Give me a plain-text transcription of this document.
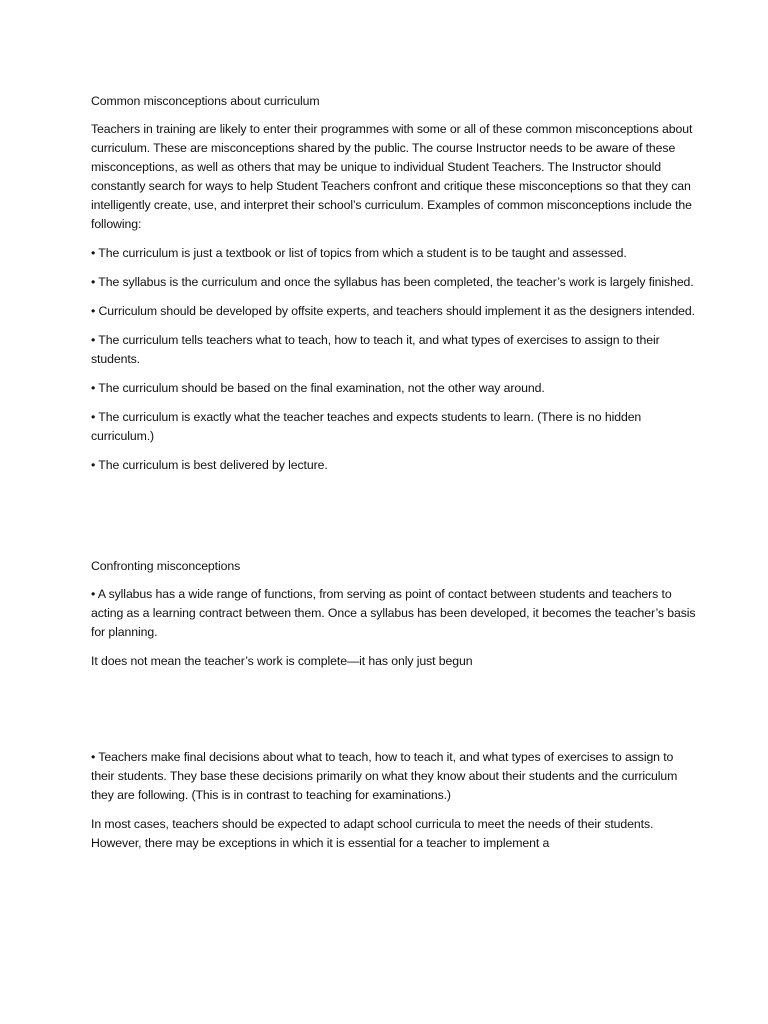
Common misconceptions about curriculum

Teachers in training are likely to enter their programmes with some or all of these common misconceptions about curriculum. These are misconceptions shared by the public. The course Instructor needs to be aware of these misconceptions, as well as others that may be unique to individual Student Teachers. The Instructor should constantly search for ways to help Student Teachers confront and critique these misconceptions so that they can intelligently create, use, and interpret their school’s curriculum. Examples of common misconceptions include the following:

• The curriculum is just a textbook or list of topics from which a student is to be taught and assessed.

• The syllabus is the curriculum and once the syllabus has been completed, the teacher’s work is largely finished.

• Curriculum should be developed by offsite experts, and teachers should implement it as the designers intended.

• The curriculum tells teachers what to teach, how to teach it, and what types of exercises to assign to their students.

• The curriculum should be based on the final examination, not the other way around.

• The curriculum is exactly what the teacher teaches and expects students to learn. (There is no hidden curriculum.)

• The curriculum is best delivered by lecture.

Confronting misconceptions

• A syllabus has a wide range of functions, from serving as point of contact between students and teachers to acting as a learning contract between them. Once a syllabus has been developed, it becomes the teacher’s basis for planning.

It does not mean the teacher’s work is complete—it has only just begun

• Teachers make final decisions about what to teach, how to teach it, and what types of exercises to assign to their students. They base these decisions primarily on what they know about their students and the curriculum they are following. (This is in contrast to teaching for examinations.)

In most cases, teachers should be expected to adapt school curricula to meet the needs of their students. However, there may be exceptions in which it is essential for a teacher to implement a
